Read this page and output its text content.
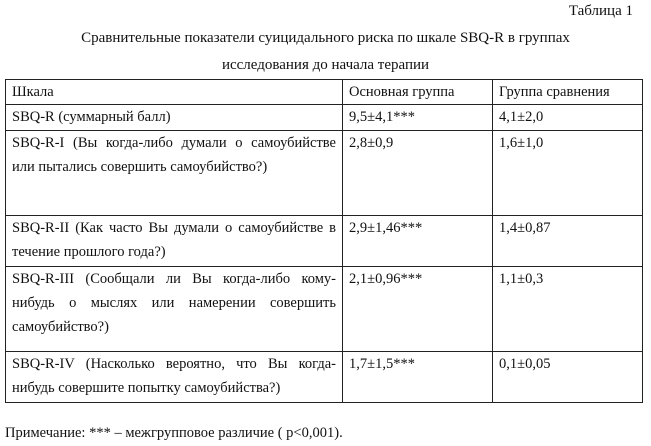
Таблица 1
Сравнительные показатели суицидального риска по шкале SBQ-R в группах
исследования до начала терапии
Шкала	Основная группа	Группа сравнения
SBQ-R (суммарный балл)	9,5±4,1***	4,1±2,0
SBQ-R-I (Вы когда-либо думали о самоубийстве или пытались совершить самоубийство?)	2,8±0,9	1,6±1,0
SBQ-R-II (Как часто Вы думали о самоубийстве в течение прошлого года?)	2,9±1,46***	1,4±0,87
SBQ-R-III (Сообщали ли Вы когда-либо кому-нибудь о мыслях или намерении совершить самоубийство?)	2,1±0,96***	1,1±0,3
SBQ-R-IV (Насколько вероятно, что Вы когда-нибудь совершите попытку самоубийства?)	1,7±1,5***	0,1±0,05
Примечание: *** – межгрупповое различие ( р<0,001).
